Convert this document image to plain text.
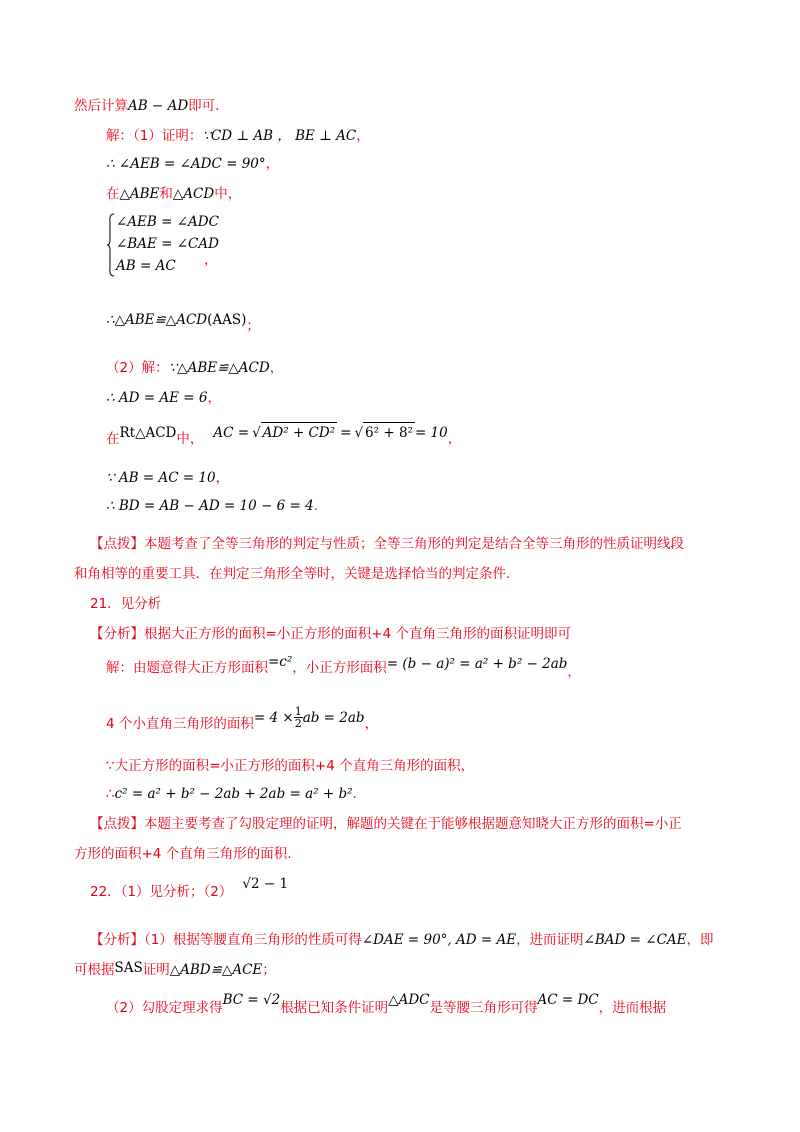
然后计算AB − AD即可.
解：（1）证明：∵CD ⊥ AB ， BE ⊥ AC，
∴ ∠AEB = ∠ADC = 90°，
在△ABE和△ACD中，
∠AEB = ∠ADC
∠BAE = ∠CAD
AB = AC ，
∴△ABE≌△ACD(AAS)；
（2）解：∵△ABE≌△ACD，
∴ AD = AE = 6，
在Rt△ACD中， AC = √ AD² + CD² = √ 6² + 8² = 10，
∵ AB = AC = 10，
∴ BD = AB − AD = 10 − 6 = 4.
【点拨】本题考查了全等三角形的判定与性质；全等三角形的判定是结合全等三角形的性质证明线段
和角相等的重要工具．在判定三角形全等时，关键是选择恰当的判定条件.
21．见分析
【分析】根据大正方形的面积=小正方形的面积+4 个直角三角形的面积证明即可
解：由题意得大正方形面积=c²，小正方形面积= (b − a)² = a² + b² − 2ab，
4 个小直角三角形的面积= $4 \times \frac{1}{2}$ ab = 2ab，
∵大正方形的面积=小正方形的面积+4 个直角三角形的面积，
∴c² = a² + b² − 2ab + 2ab = a² + b².
【点拨】本题主要考查了勾股定理的证明，解题的关键在于能够根据题意知晓大正方形的面积=小正
方形的面积+4 个直角三角形的面积.
22．（1）见分析；（2） √2 − 1
【分析】（1）根据等腰直角三角形的性质可得∠DAE = 90°, AD = AE，进而证明∠BAD = ∠CAE，即
可根据SAS证明△ABD≌△ACE；
（2）勾股定理求得BC = √2根据已知条件证明△ADC是等腰三角形可得AC = DC，进而根据
